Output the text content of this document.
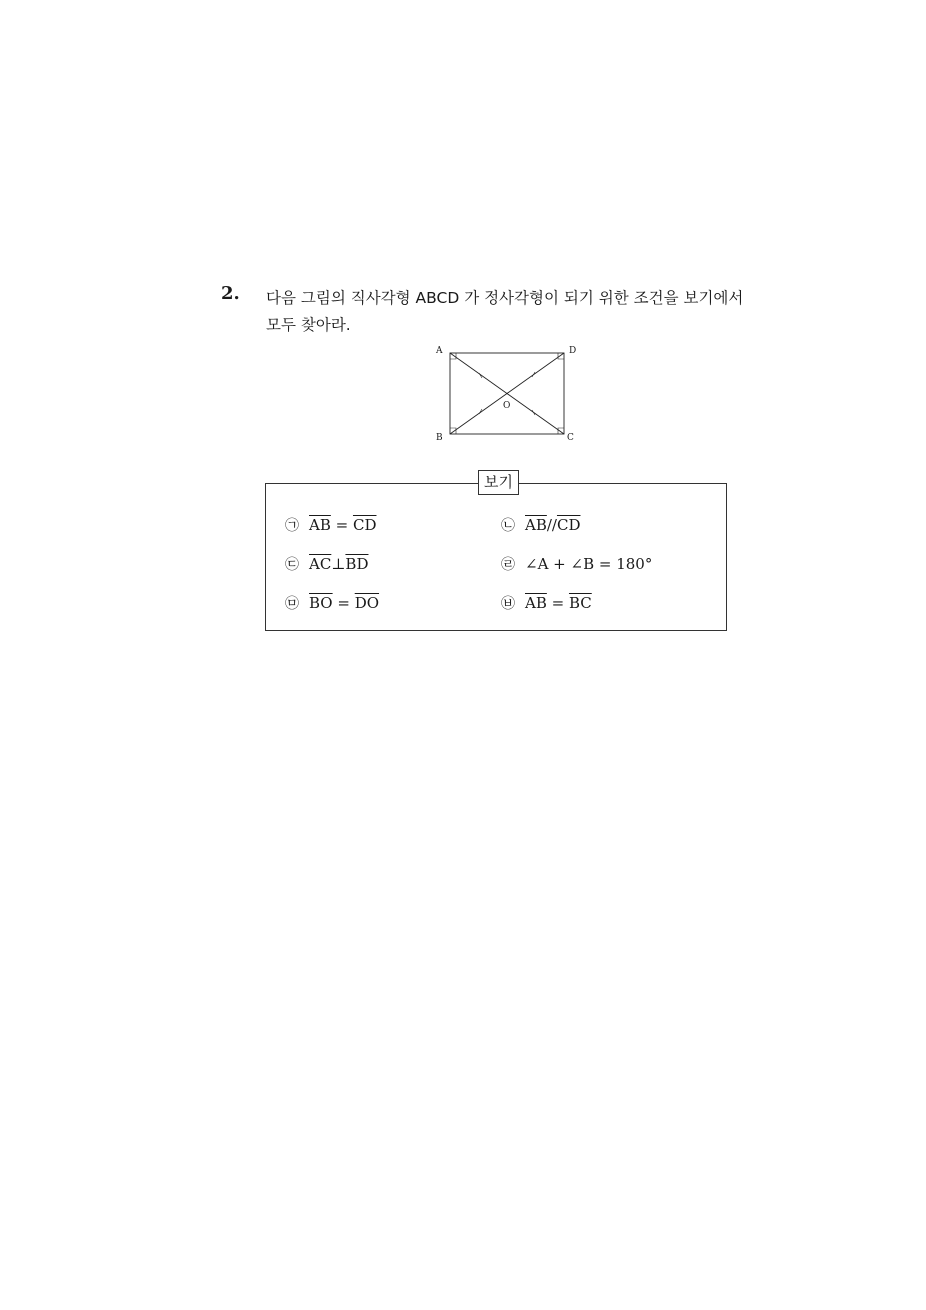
2. 다음 그림의 직사각형 ABCD 가 정사각형이 되기 위한 조건을 보기에서
모두 찾아라.
A	D
B	C
O
보기
㉠ $\overline{AB} = \overline{CD}$	㉡ $\overline{AB}//\overline{CD}$
㉢ $\overline{AC}\perp\overline{BD}$	㉣ ∠A + ∠B = 180°
㉤ $\overline{BO} = \overline{DO}$	㉥ $\overline{AB} = \overline{BC}$
